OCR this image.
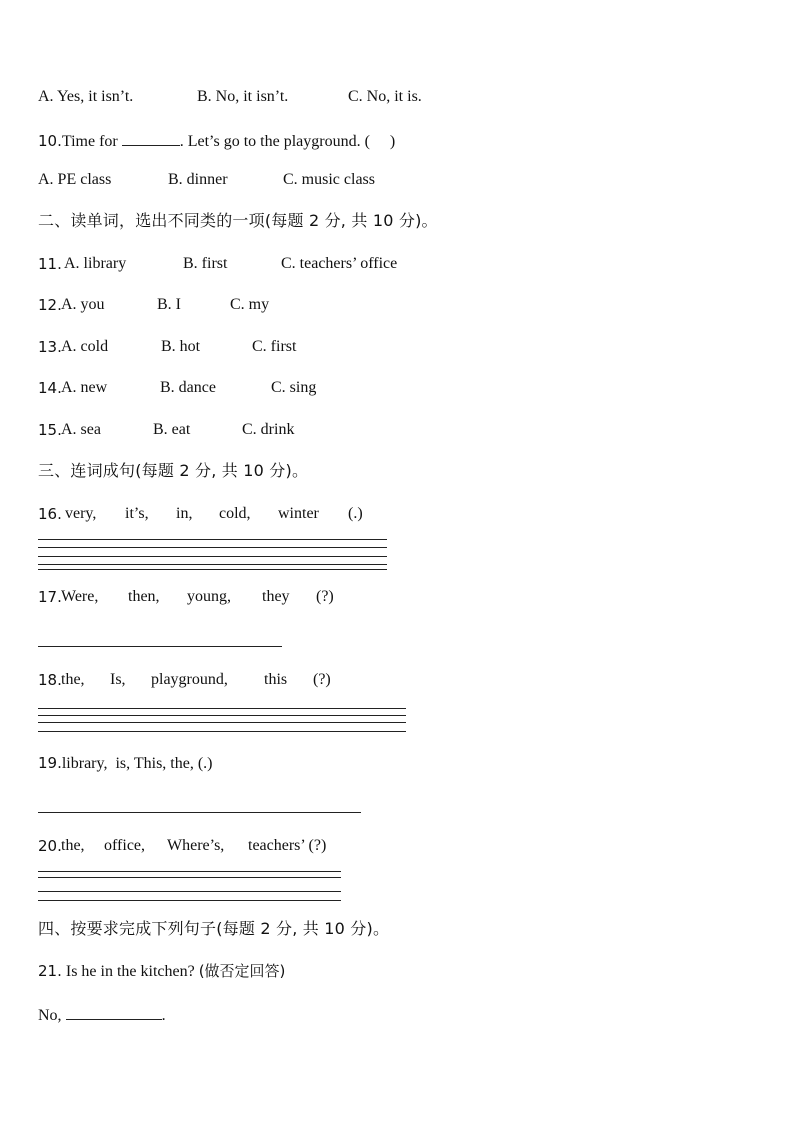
A. Yes, it isn’t.	B. No, it isn’t.	C. No, it is.
10.Time for	. Let’s go to the playground. (     )
A. PE class	B. dinner	C. music class
二、读单词，选出不同类的一项(每题 2 分, 共 10 分)。
11. A. library	B. first	C. teachers’ office
12. A. you	B. I	C. my
13. A. cold	B. hot	C. first
14. A. new	B. dance	C. sing
15. A. sea	B. eat	C. drink
三、连词成句(每题 2 分, 共 10 分)。
16. very, it’s, in, cold, winter (.)
17. Were, then, young, they (?)
18. the, Is, playground, this (?)
19.library,  is, This, the, (.)
20. the, office, Where’s, teachers’ (?)
四、按要求完成下列句子(每题 2 分, 共 10 分)。
21. Is he in the kitchen? (做否定回答)
No,	.
